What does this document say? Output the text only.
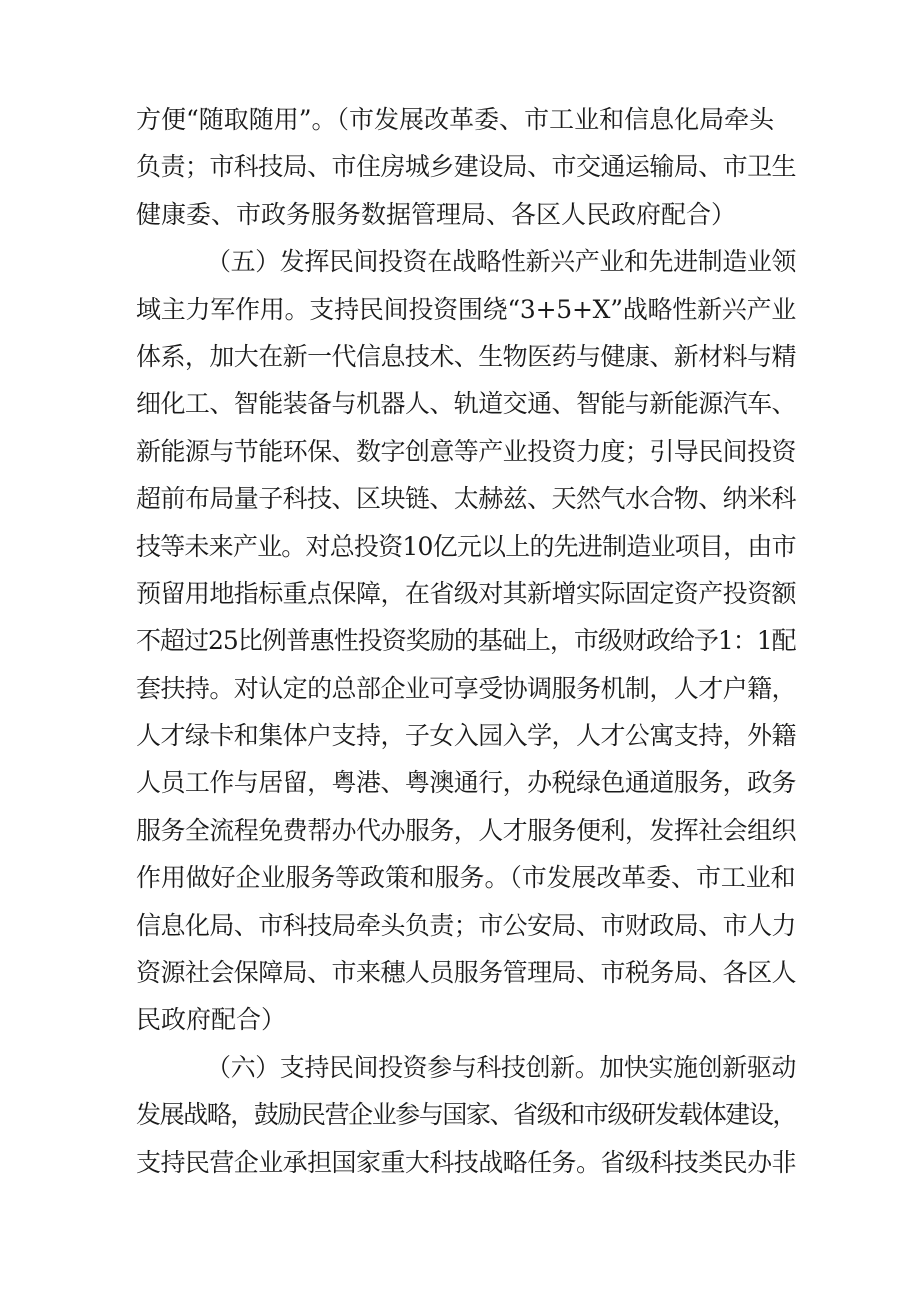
方便“随取随用”。（市发展改革委、市工业和信息化局牵头
负责；市科技局、市住房城乡建设局、市交通运输局、市卫生
健康委、市政务服务数据管理局、各区人民政府配合）
（五）发挥民间投资在战略性新兴产业和先进制造业领
域主力军作用。支持民间投资围绕“3+5+X”战略性新兴产业
体系，加大在新一代信息技术、生物医药与健康、新材料与精
细化工、智能装备与机器人、轨道交通、智能与新能源汽车、
新能源与节能环保、数字创意等产业投资力度；引导民间投资
超前布局量子科技、区块链、太赫兹、天然气水合物、纳米科
技等未来产业。对总投资10亿元以上的先进制造业项目，由市
预留用地指标重点保障，在省级对其新增实际固定资产投资额
不超过25比例普惠性投资奖励的基础上，市级财政给予1：1配
套扶持。对认定的总部企业可享受协调服务机制，人才户籍，
人才绿卡和集体户支持，子女入园入学，人才公寓支持，外籍
人员工作与居留，粤港、粤澳通行，办税绿色通道服务，政务
服务全流程免费帮办代办服务，人才服务便利，发挥社会组织
作用做好企业服务等政策和服务。（市发展改革委、市工业和
信息化局、市科技局牵头负责；市公安局、市财政局、市人力
资源社会保障局、市来穗人员服务管理局、市税务局、各区人
民政府配合）
（六）支持民间投资参与科技创新。加快实施创新驱动
发展战略，鼓励民营企业参与国家、省级和市级研发载体建设，
支持民营企业承担国家重大科技战略任务。省级科技类民办非
